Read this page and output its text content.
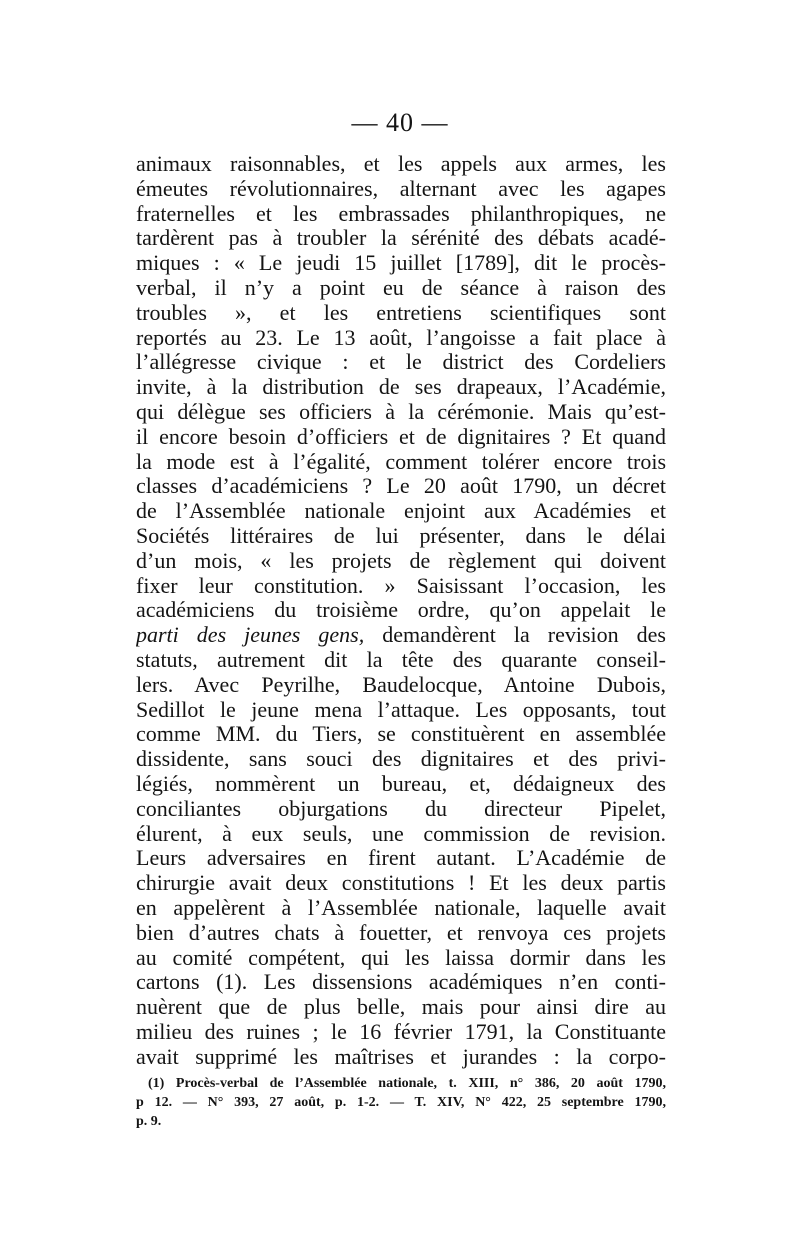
— 40 —
animaux raisonnables, et les appels aux armes, les
émeutes révolutionnaires, alternant avec les agapes
fraternelles et les embrassades philanthropiques, ne
tardèrent pas à troubler la sérénité des débats acadé-
miques : « Le jeudi 15 juillet [1789], dit le procès-
verbal, il n’y a point eu de séance à raison des
troubles », et les entretiens scientifiques sont
reportés au 23. Le 13 août, l’angoisse a fait place à
l’allégresse civique : et le district des Cordeliers
invite, à la distribution de ses drapeaux, l’Académie,
qui délègue ses officiers à la cérémonie. Mais qu’est-
il encore besoin d’officiers et de dignitaires ? Et quand
la mode est à l’égalité, comment tolérer encore trois
classes d’académiciens ? Le 20 août 1790, un décret
de l’Assemblée nationale enjoint aux Académies et
Sociétés littéraires de lui présenter, dans le délai
d’un mois, « les projets de règlement qui doivent
fixer leur constitution. » Saisissant l’occasion, les
académiciens du troisième ordre, qu’on appelait le
parti des jeunes gens, demandèrent la revision des
statuts, autrement dit la tête des quarante conseil-
lers. Avec Peyrilhe, Baudelocque, Antoine Dubois,
Sedillot le jeune mena l’attaque. Les opposants, tout
comme MM. du Tiers, se constituèrent en assemblée
dissidente, sans souci des dignitaires et des privi-
légiés, nommèrent un bureau, et, dédaigneux des
conciliantes objurgations du directeur Pipelet,
élurent, à eux seuls, une commission de revision.
Leurs adversaires en firent autant. L’Académie de
chirurgie avait deux constitutions ! Et les deux partis
en appelèrent à l’Assemblée nationale, laquelle avait
bien d’autres chats à fouetter, et renvoya ces projets
au comité compétent, qui les laissa dormir dans les
cartons (1). Les dissensions académiques n’en conti-
nuèrent que de plus belle, mais pour ainsi dire au
milieu des ruines ; le 16 février 1791, la Constituante
avait supprimé les maîtrises et jurandes : la corpo-
(1) Procès-verbal de l’Assemblée nationale, t. XIII, n° 386, 20 août 1790,
p 12. — N° 393, 27 août, p. 1-2. — T. XIV, N° 422, 25 septembre 1790,
p. 9.
